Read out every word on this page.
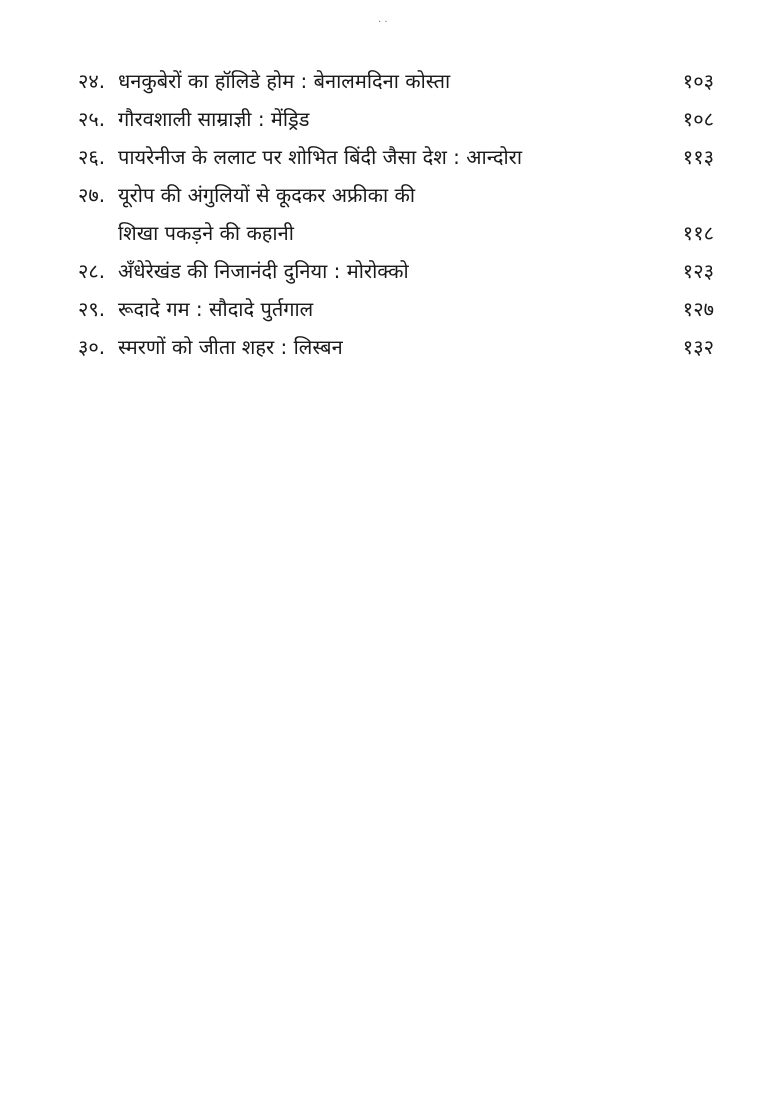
. .
२४. धनकुबेरों का हॉलिडे होम : बेनालमदिना कोस्ता	१०३
२५. गौरवशाली साम्राज्ञी : मेंड्रिड	१०८
२६. पायरेनीज के ललाट पर शोभित बिंदी जैसा देश : आन्दोरा	११३
२७. यूरोप की अंगुलियों से कूदकर अफ्रीका की
शिखा पकड़ने की कहानी	११८
२८. अँधेरेखंड की निजानंदी दुनिया : मोरोक्को	१२३
२९. रूदादे गम : सौदादे पुर्तगाल	१२७
३०. स्मरणों को जीता शहर : लिस्बन	१३२
